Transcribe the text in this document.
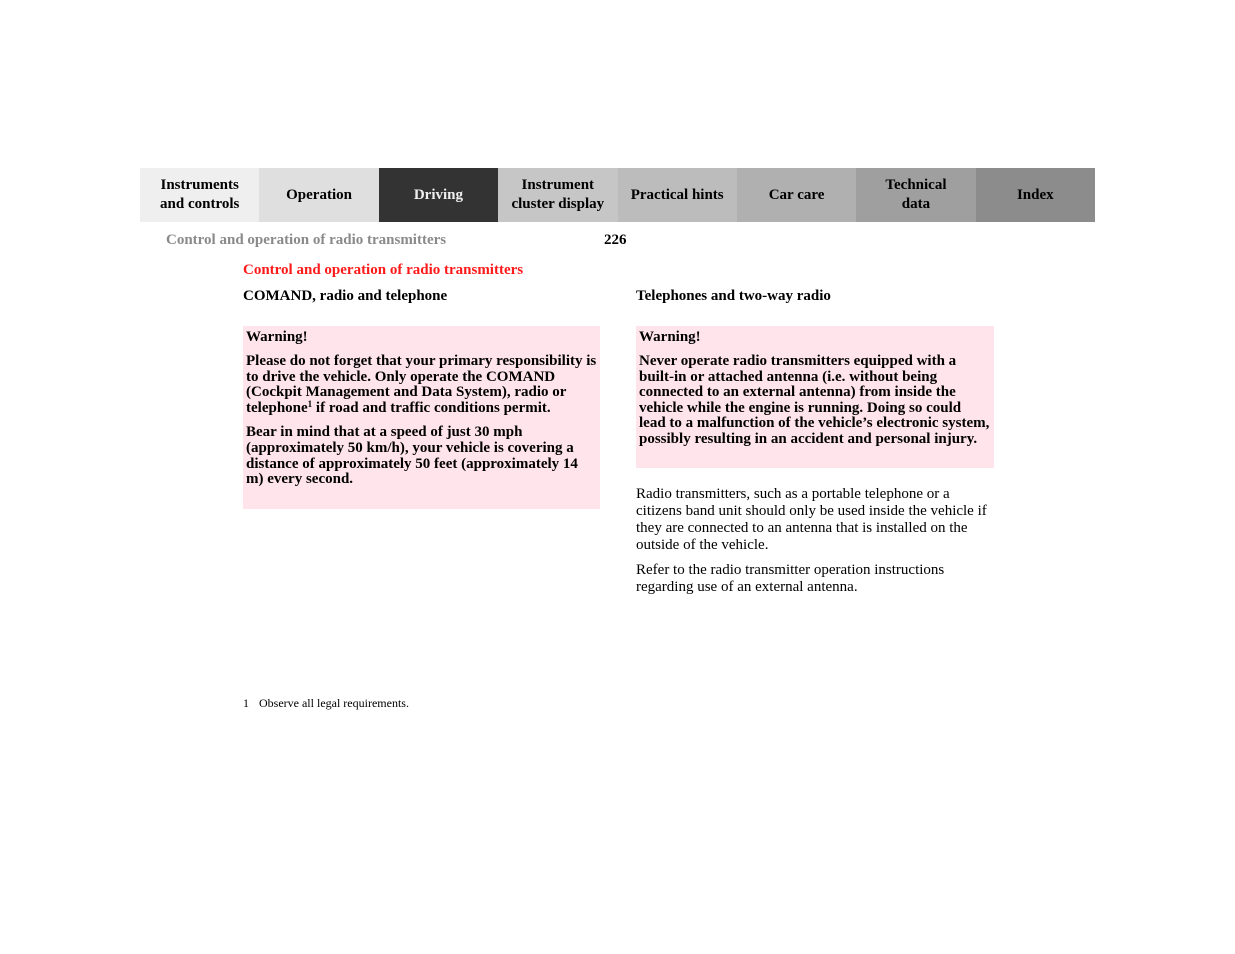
Instruments
and controls
Operation	Driving
Instrument
cluster display
Practical hints	Car care
Technical
data
Index
Control and operation of radio transmitters	226
Control and operation of radio transmitters
COMAND, radio and telephone	Telephones and two-way radio
Warning!

Please do not forget that your primary responsibility is to drive the vehicle. Only operate the COMAND (Cockpit Management and Data System), radio or telephone$^1$ if road and traffic conditions permit.

Bear in mind that at a speed of just 30 mph (approximately 50 km/h), your vehicle is covering a distance of approximately 50 feet (approximately 14 m) every second.

Warning!

Never operate radio transmitters equipped with a built-in or attached antenna (i.e. without being connected to an external antenna) from inside the vehicle while the engine is running. Doing so could lead to a malfunction of the vehicle’s electronic system, possibly resulting in an accident and personal injury.

Radio transmitters, such as a portable telephone or a citizens band unit should only be used inside the vehicle if they are connected to an antenna that is installed on the outside of the vehicle.

Refer to the radio transmitter operation instructions regarding use of an external antenna.

1 Observe all legal requirements.
